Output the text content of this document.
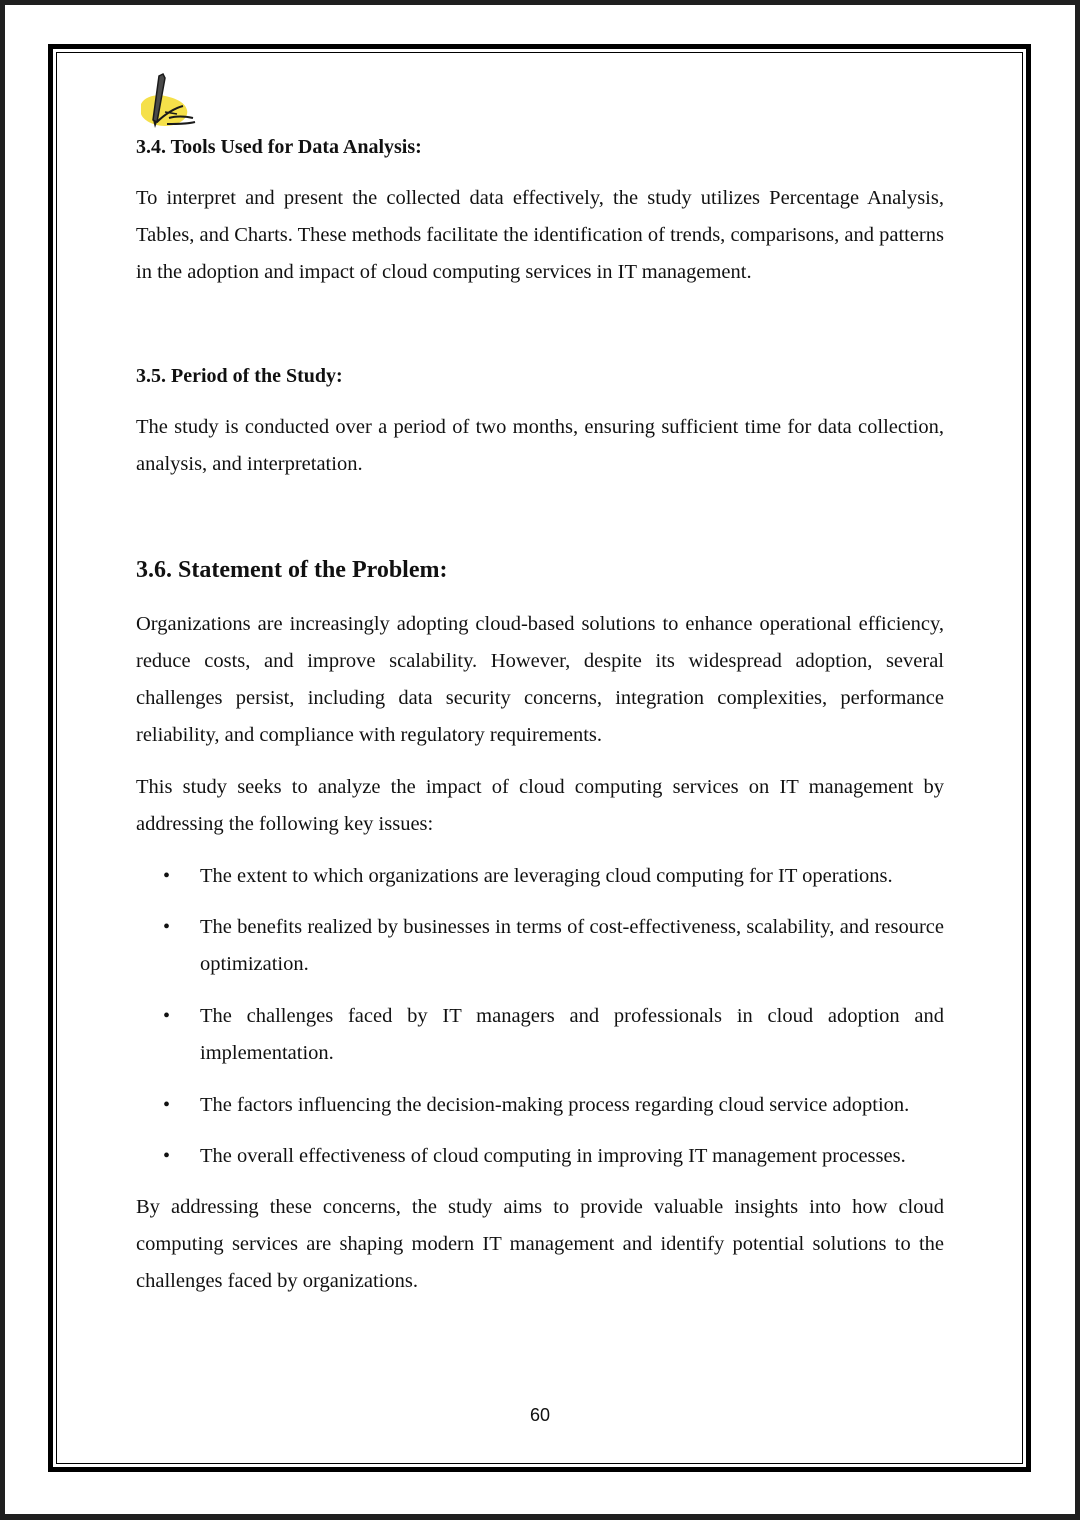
3.4. Tools Used for Data Analysis:
To interpret and present the collected data effectively, the study utilizes Percentage Analysis, Tables, and Charts. These methods facilitate the identification of trends, comparisons, and patterns in the adoption and impact of cloud computing services in IT management.
3.5. Period of the Study:
The study is conducted over a period of two months, ensuring sufficient time for data collection, analysis, and interpretation.
3.6. Statement of the Problem:
Organizations are increasingly adopting cloud-based solutions to enhance operational efficiency, reduce costs, and improve scalability. However, despite its widespread adoption, several challenges persist, including data security concerns, integration complexities, performance reliability, and compliance with regulatory requirements.
This study seeks to analyze the impact of cloud computing services on IT management by addressing the following key issues:
•	The extent to which organizations are leveraging cloud computing for IT operations.
•	The benefits realized by businesses in terms of cost-effectiveness, scalability, and resource optimization.
•	The challenges faced by IT managers and professionals in cloud adoption and implementation.
•	The factors influencing the decision-making process regarding cloud service adoption.
•	The overall effectiveness of cloud computing in improving IT management processes.
By addressing these concerns, the study aims to provide valuable insights into how cloud computing services are shaping modern IT management and identify potential solutions to the challenges faced by organizations.
60
